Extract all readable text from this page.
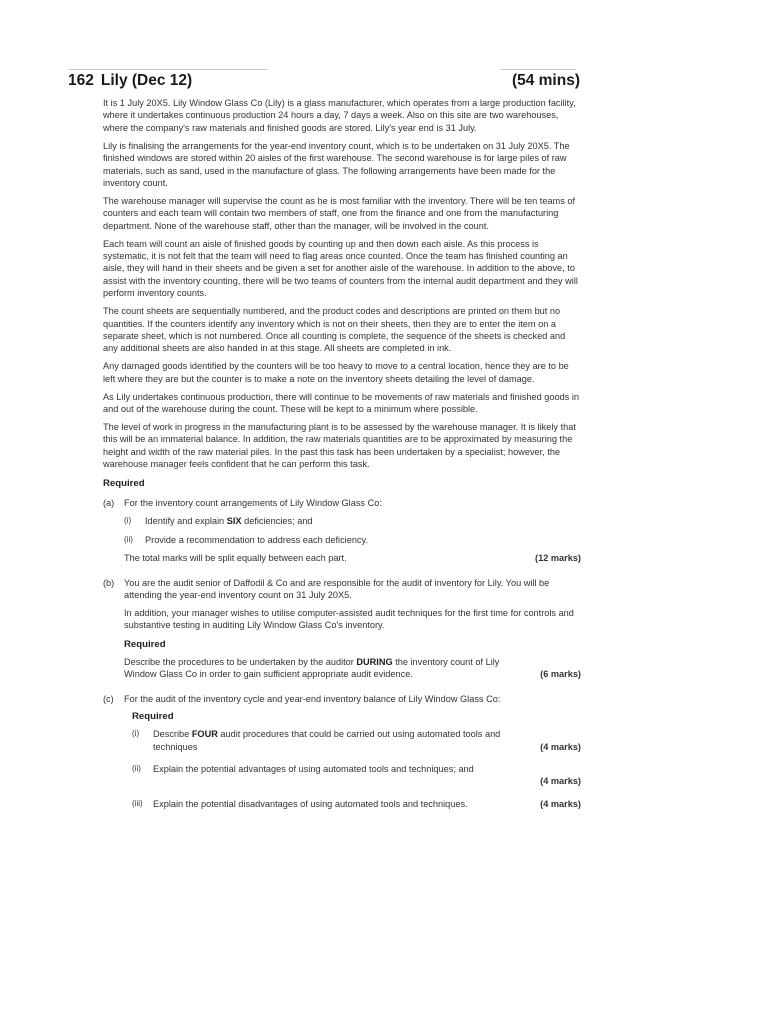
162 Lily (Dec 12)	(54 mins)

It is 1 July 20X5. Lily Window Glass Co (Lily) is a glass manufacturer, which operates from a large production facility, where it undertakes continuous production 24 hours a day, 7 days a week. Also on this site are two warehouses, where the company's raw materials and finished goods are stored. Lily's year end is 31 July.

Lily is finalising the arrangements for the year-end inventory count, which is to be undertaken on 31 July 20X5. The finished windows are stored within 20 aisles of the first warehouse. The second warehouse is for large piles of raw materials, such as sand, used in the manufacture of glass. The following arrangements have been made for the inventory count.

The warehouse manager will supervise the count as he is most familiar with the inventory. There will be ten teams of counters and each team will contain two members of staff, one from the finance and one from the manufacturing department. None of the warehouse staff, other than the manager, will be involved in the count.

Each team will count an aisle of finished goods by counting up and then down each aisle. As this process is systematic, it is not felt that the team will need to flag areas once counted. Once the team has finished counting an aisle, they will hand in their sheets and be given a set for another aisle of the warehouse. In addition to the above, to assist with the inventory counting, there will be two teams of counters from the internal audit department and they will perform inventory counts.

The count sheets are sequentially numbered, and the product codes and descriptions are printed on them but no quantities. If the counters identify any inventory which is not on their sheets, then they are to enter the item on a separate sheet, which is not numbered. Once all counting is complete, the sequence of the sheets is checked and any additional sheets are also handed in at this stage. All sheets are completed in ink.

Any damaged goods identified by the counters will be too heavy to move to a central location, hence they are to be left where they are but the counter is to make a note on the inventory sheets detailing the level of damage.

As Lily undertakes continuous production, there will continue to be movements of raw materials and finished goods in and out of the warehouse during the count. These will be kept to a minimum where possible.

The level of work in progress in the manufacturing plant is to be assessed by the warehouse manager. It is likely that this will be an immaterial balance. In addition, the raw materials quantities are to be approximated by measuring the height and width of the raw material piles. In the past this task has been undertaken by a specialist; however, the warehouse manager feels confident that he can perform this task.

Required
(a) For the inventory count arrangements of Lily Window Glass Co:

(i) Identify and explain SIX deficiencies; and
(ii) Provide a recommendation to address each deficiency.
The total marks will be split equally between each part.	(12 marks)
(b) You are the audit senior of Daffodil & Co and are responsible for the audit of inventory for Lily. You will be attending the year-end inventory count on 31 July 20X5.

In addition, your manager wishes to utilise computer-assisted audit techniques for the first time for controls and substantive testing in auditing Lily Window Glass Co's inventory.

Required
Describe the procedures to be undertaken by the auditor DURING the inventory count of Lily
Window Glass Co in order to gain sufficient appropriate audit evidence.	(6 marks)
(c) For the audit of the inventory cycle and year-end inventory balance of Lily Window Glass Co:

Required
(i) Describe FOUR audit procedures that could be carried out using automated tools and
techniques	(4 marks)
(ii) Explain the potential advantages of using automated tools and techniques; and
(4 marks)
(iii) Explain the potential disadvantages of using automated tools and techniques.	(4 marks)
